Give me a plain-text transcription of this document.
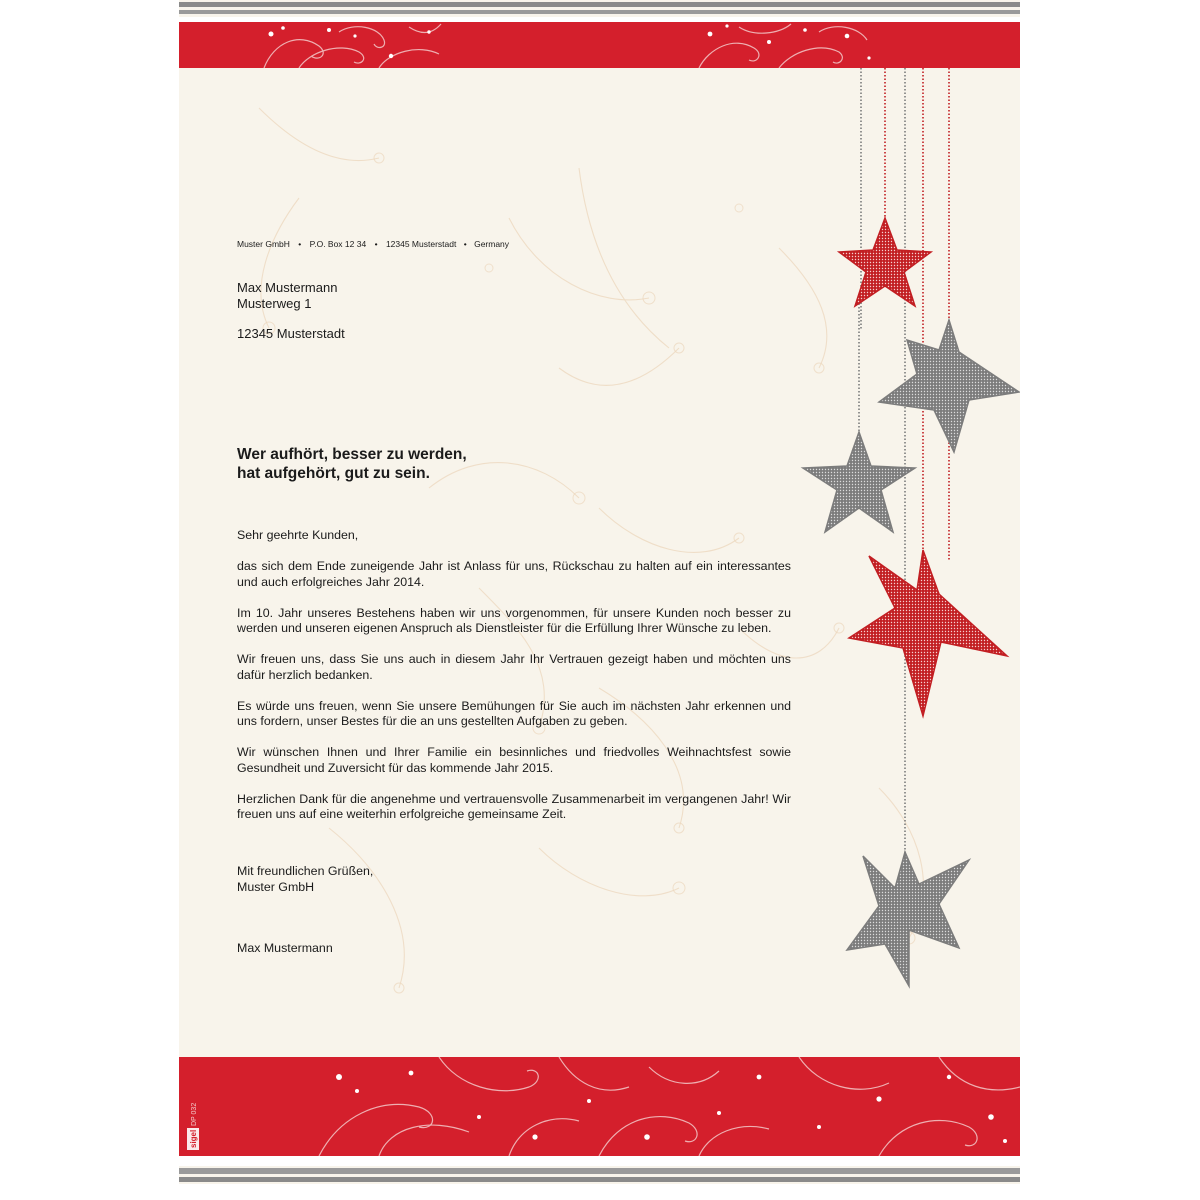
sigel
DP 032
Muster GmbH • P.O. Box 12 34 • 12345 Musterstadt • Germany
Max Mustermann
Musterweg 1
12345 Musterstadt
Wer aufhört, besser zu werden,
hat aufgehört, gut zu sein.

Sehr geehrte Kunden,

das sich dem Ende zuneigende Jahr ist Anlass für uns, Rückschau zu halten auf ein interessantes und auch erfolgreiches Jahr 2014.

Im 10. Jahr unseres Bestehens haben wir uns vorgenommen, für unsere Kunden noch besser zu werden und unseren eigenen Anspruch als Dienstleister für die Erfüllung Ihrer Wünsche zu leben.

Wir freuen uns, dass Sie uns auch in diesem Jahr Ihr Vertrauen gezeigt haben und möchten uns dafür herzlich bedanken.

Es würde uns freuen, wenn Sie unsere Bemühungen für Sie auch im nächsten Jahr erkennen und uns fordern, unser Bestes für die an uns gestellten Aufgaben zu geben.

Wir wünschen Ihnen und Ihrer Familie ein besinnliches und friedvolles Weihnachtsfest sowie Gesundheit und Zuversicht für das kommende Jahr 2015.

Herzlichen Dank für die angenehme und vertrauensvolle Zusammenarbeit im vergangenen Jahr! Wir freuen uns auf eine weiterhin erfolgreiche gemeinsame Zeit.

Mit freundlichen Grüßen,
Muster GmbH
Max Mustermann
